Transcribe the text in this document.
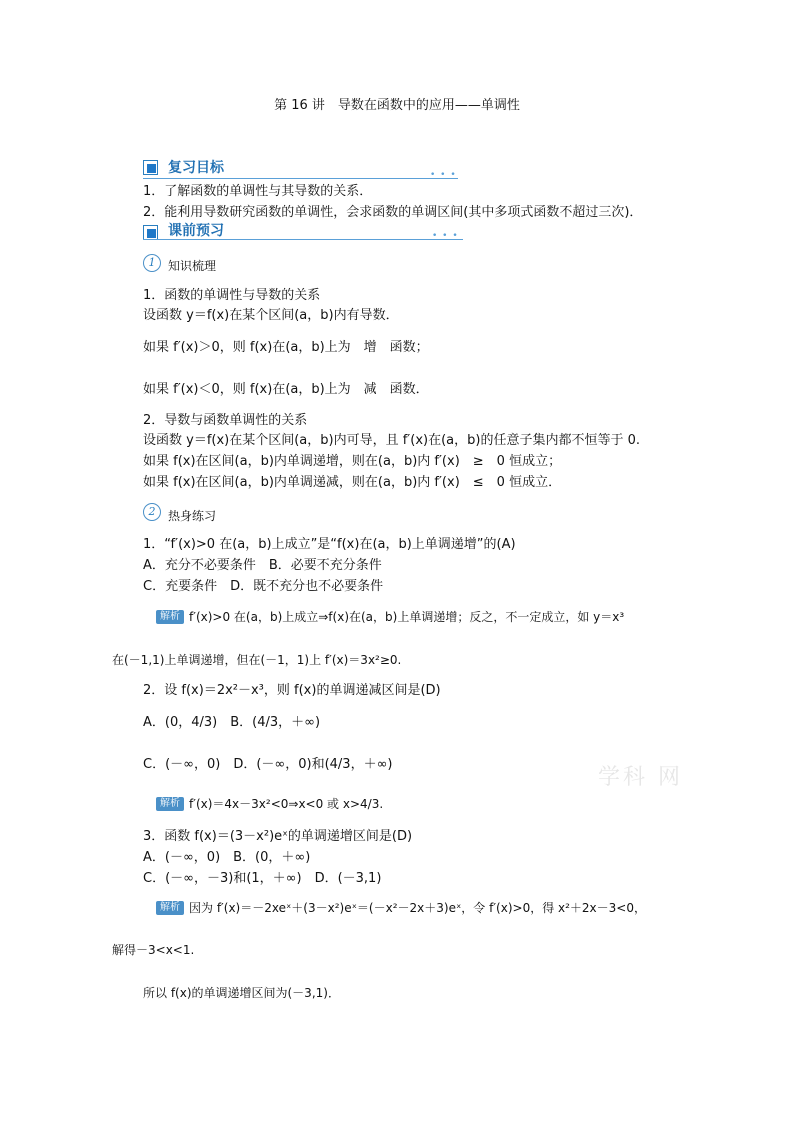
第 16 讲　导数在函数中的应用——单调性
复习目标	• • •
1．了解函数的单调性与其导数的关系．
2．能利用导数研究函数的单调性，会求函数的单调区间(其中多项式函数不超过三次)．
课前预习	• • •
1	知识梳理
1．函数的单调性与导数的关系
设函数 y＝f(x)在某个区间(a，b)内有导数．
如果 f′(x)＞0，则 f(x)在(a，b)上为　增　函数；
如果 f′(x)＜0，则 f(x)在(a，b)上为　减　函数．
2．导数与函数单调性的关系
设函数 y＝f(x)在某个区间(a，b)内可导，且 f′(x)在(a，b)的任意子集内都不恒等于 0.
如果 f(x)在区间(a，b)内单调递增，则在(a，b)内 f′(x)　≥　0 恒成立；
如果 f(x)在区间(a，b)内单调递减，则在(a，b)内 f′(x)　≤　0 恒成立．
2	热身练习
1．“f′(x)>0 在(a，b)上成立”是“f(x)在(a，b)上单调递增”的(A)
A．充分不必要条件　B．必要不充分条件
C．充要条件　D．既不充分也不必要条件
解析 f′(x)>0 在(a，b)上成立⇒f(x)在(a，b)上单调递增；反之，不一定成立，如 y＝x³
在(－1,1)上单调递增，但在(－1，1)上 f′(x)＝3x²≥0.
2．设 f(x)＝2x²－x³，则 f(x)的单调递减区间是(D)
A．(0，4/3)　B．(4/3，＋∞)
C．(－∞，0)　D．(－∞，0)和(4/3，＋∞)
解析 f′(x)＝4x－3x²<0⇒x<0 或 x>4/3.
3．函数 f(x)＝(3－x²)eˣ的单调递增区间是(D)
A．(－∞，0)　B．(0，＋∞)
C．(－∞，－3)和(1，＋∞)　D．(－3,1)
解析 因为 f′(x)＝－2xeˣ＋(3－x²)eˣ＝(－x²－2x＋3)eˣ，令 f′(x)>0，得 x²＋2x－3<0，
解得－3<x<1.
所以 f(x)的单调递增区间为(－3,1)．
学科 网
